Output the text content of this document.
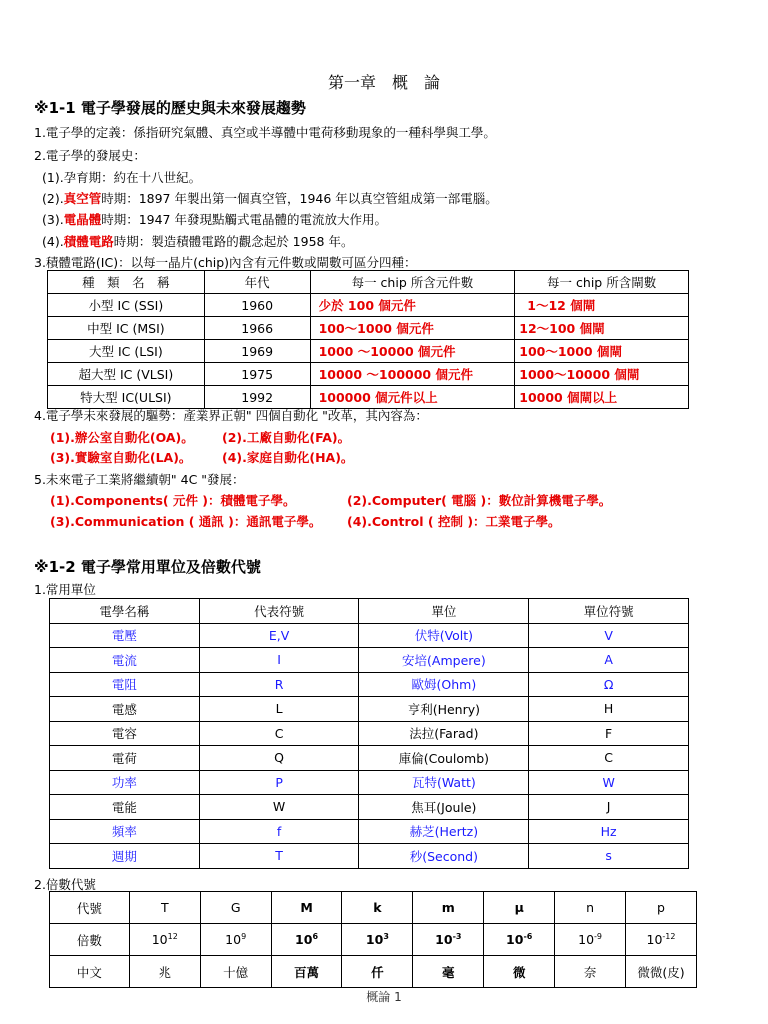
第一章　概　論
※1-1 電子學發展的歷史與未來發展趨勢
1.電子學的定義：係指研究氣體、真空或半導體中電荷移動現象的一種科學與工學。
2.電子學的發展史：
(1).孕育期：約在十八世紀。
(2).真空管時期：1897 年製出第一個真空管，1946 年以真空管組成第一部電腦。
(3).電晶體時期：1947 年發現點觸式電晶體的電流放大作用。
(4).積體電路時期：製造積體電路的觀念起於 1958 年。
3.積體電路(IC)：以每一晶片(chip)內含有元件數或閘數可區分四種：
種　類　名　稱	年代	每一 chip 所含元件數	每一 chip 所含閘數
小型 IC (SSI)	1960	少於 100 個元件	1～12 個閘
中型 IC (MSI)	1966	100～1000 個元件	12～100 個閘
大型 IC (LSI)	1969	1000 ～10000 個元件	100～1000 個閘
超大型 IC (VLSI)	1975	10000 ～100000 個元件	1000～10000 個閘
特大型 IC(ULSI)	1992	100000 個元件以上	10000 個閘以上
4.電子學未來發展的驅勢：產業界正朝" 四個自動化 "改革，其內容為：
(1).辦公室自動化(OA)。 (2).工廠自動化(FA)。
(3).實驗室自動化(LA)。 (4).家庭自動化(HA)。
5.未來電子工業將繼續朝" 4C "發展：
(1).Components( 元件 )：積體電子學。	(2).Computer( 電腦 )：數位計算機電子學。
(3).Communication ( 通訊 )：通訊電子學。 (4).Control ( 控制 )：工業電子學。
※1-2 電子學常用單位及倍數代號
1.常用單位
電學名稱	代表符號	單位	單位符號
電壓	E,V	伏特(Volt)	V
電流	I	安培(Ampere)	A
電阻	R	歐姆(Ohm)	Ω
電感	L	亨利(Henry)	H
電容	C	法拉(Farad)	F
電荷	Q	庫倫(Coulomb)	C
功率	P	瓦特(Watt)	W
電能	W	焦耳(Joule)	J
頻率	f	赫芝(Hertz)	Hz
週期	T	秒(Second)	s
2.倍數代號
代號	T	G	M	k	m	μ	n	p
倍數	$10^{12}$	$10^9$	$10^6$	$10^3$	$10^{-3}$	$10^{-6}$	$10^{-9}$	$10^{-12}$
中文	兆	十億	百萬	仟	毫	微	奈	微微(皮)
概論 1
